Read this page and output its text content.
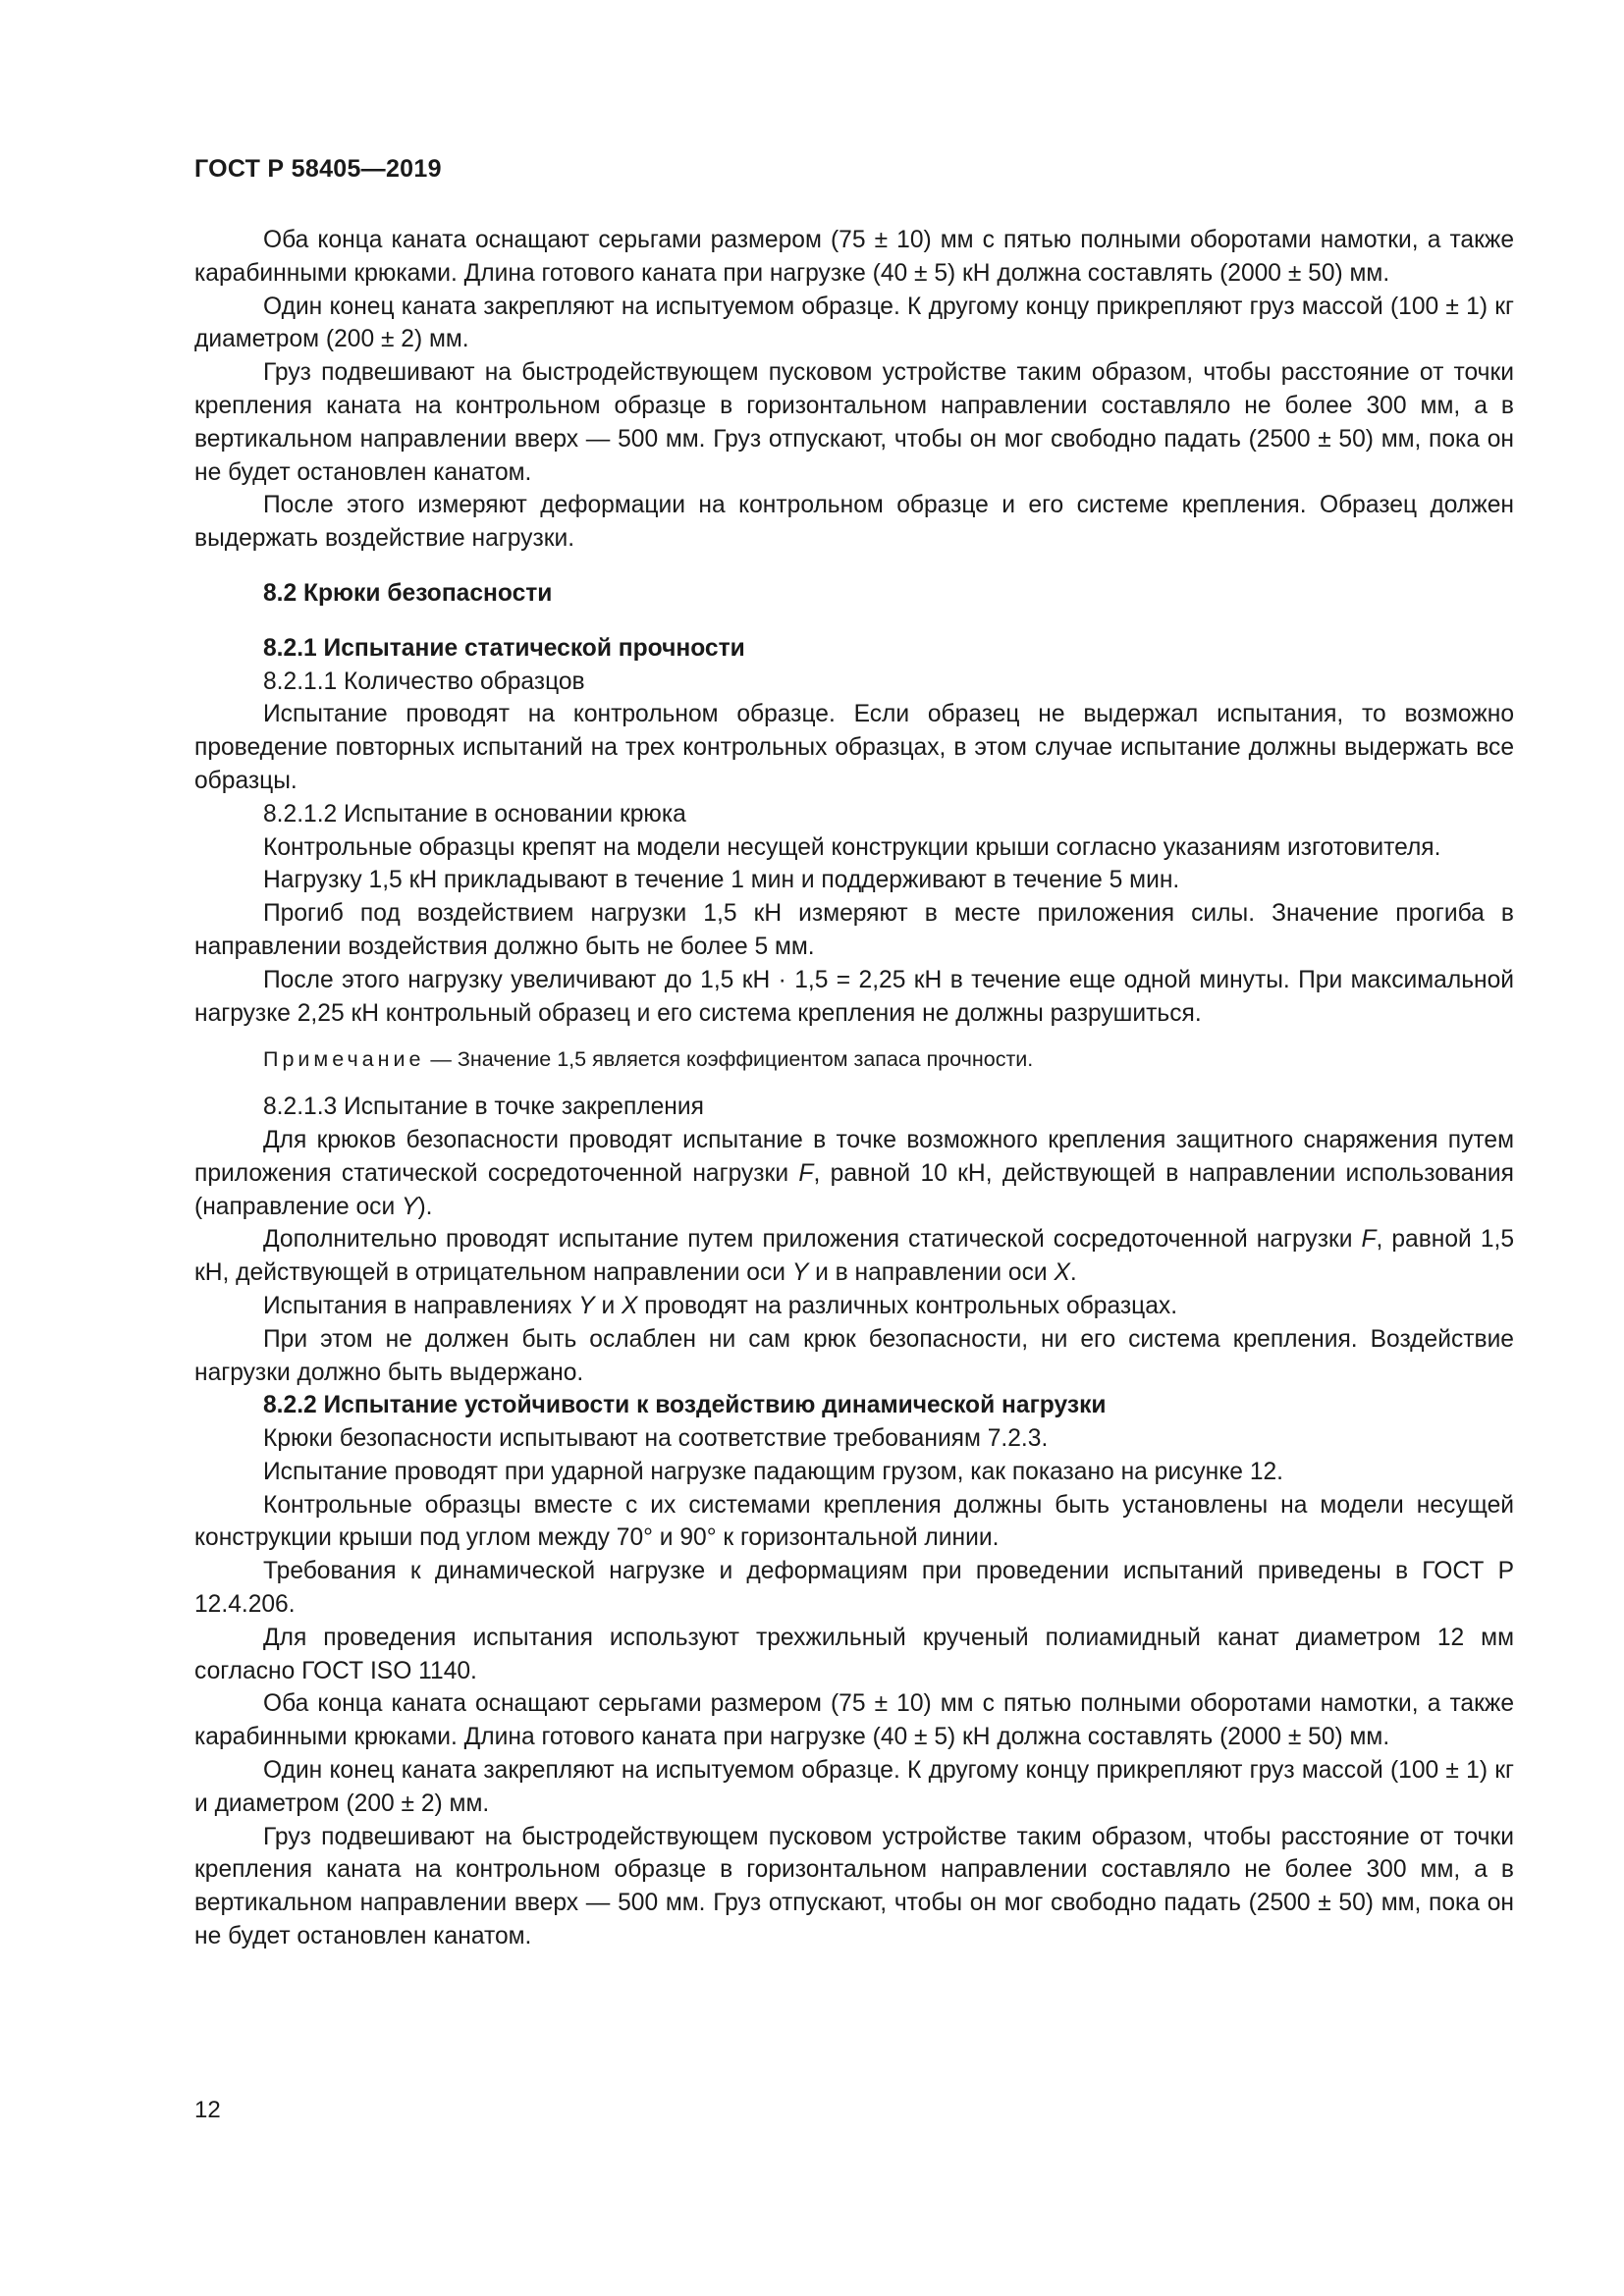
ГОСТ Р 58405—2019

Оба конца каната оснащают серьгами размером (75 ± 10) мм с пятью полными оборотами намотки, а также карабинными крюками. Длина готового каната при нагрузке (40 ± 5) кН должна составлять (2000 ± 50) мм.

Один конец каната закрепляют на испытуемом образце. К другому концу прикрепляют груз массой (100 ± 1) кг диаметром (200 ± 2) мм.

Груз подвешивают на быстродействующем пусковом устройстве таким образом, чтобы расстояние от точки крепления каната на контрольном образце в горизонтальном направлении составляло не более 300 мм, а в вертикальном направлении вверх — 500 мм. Груз отпускают, чтобы он мог свободно падать (2500 ± 50) мм, пока он не будет остановлен канатом.

После этого измеряют деформации на контрольном образце и его системе крепления. Образец должен выдержать воздействие нагрузки.

8.2 Крюки безопасности

8.2.1 Испытание статической прочности

8.2.1.1 Количество образцов

Испытание проводят на контрольном образце. Если образец не выдержал испытания, то возможно проведение повторных испытаний на трех контрольных образцах, в этом случае испытание должны выдержать все образцы.

8.2.1.2 Испытание в основании крюка

Контрольные образцы крепят на модели несущей конструкции крыши согласно указаниям изготовителя.

Нагрузку 1,5 кН прикладывают в течение 1 мин и поддерживают в течение 5 мин.

Прогиб под воздействием нагрузки 1,5 кН измеряют в месте приложения силы. Значение прогиба в направлении воздействия должно быть не более 5 мм.

После этого нагрузку увеличивают до 1,5 кН · 1,5 = 2,25 кН в течение еще одной минуты. При максимальной нагрузке 2,25 кН контрольный образец и его система крепления не должны разрушиться.

Примечание — Значение 1,5 является коэффициентом запаса прочности.

8.2.1.3 Испытание в точке закрепления

Для крюков безопасности проводят испытание в точке возможного крепления защитного снаряжения путем приложения статической сосредоточенной нагрузки F, равной 10 кН, действующей в направлении использования (направление оси Y).

Дополнительно проводят испытание путем приложения статической сосредоточенной нагрузки F, равной 1,5 кН, действующей в отрицательном направлении оси Y и в направлении оси X.

Испытания в направлениях Y и X проводят на различных контрольных образцах.

При этом не должен быть ослаблен ни сам крюк безопасности, ни его система крепления. Воздействие нагрузки должно быть выдержано.

8.2.2 Испытание устойчивости к воздействию динамической нагрузки

Крюки безопасности испытывают на соответствие требованиям 7.2.3.

Испытание проводят при ударной нагрузке падающим грузом, как показано на рисунке 12.

Контрольные образцы вместе с их системами крепления должны быть установлены на модели несущей конструкции крыши под углом между 70° и 90° к горизонтальной линии.

Требования к динамической нагрузке и деформациям при проведении испытаний приведены в ГОСТ Р 12.4.206.

Для проведения испытания используют трехжильный крученый полиамидный канат диаметром 12 мм согласно ГОСТ ISO 1140.

Оба конца каната оснащают серьгами размером (75 ± 10) мм с пятью полными оборотами намотки, а также карабинными крюками. Длина готового каната при нагрузке (40 ± 5) кН должна составлять (2000 ± 50) мм.

Один конец каната закрепляют на испытуемом образце. К другому концу прикрепляют груз массой (100 ± 1) кг и диаметром (200 ± 2) мм.

Груз подвешивают на быстродействующем пусковом устройстве таким образом, чтобы расстояние от точки крепления каната на контрольном образце в горизонтальном направлении составляло не более 300 мм, а в вертикальном направлении вверх — 500 мм. Груз отпускают, чтобы он мог свободно падать (2500 ± 50) мм, пока он не будет остановлен канатом.

12
